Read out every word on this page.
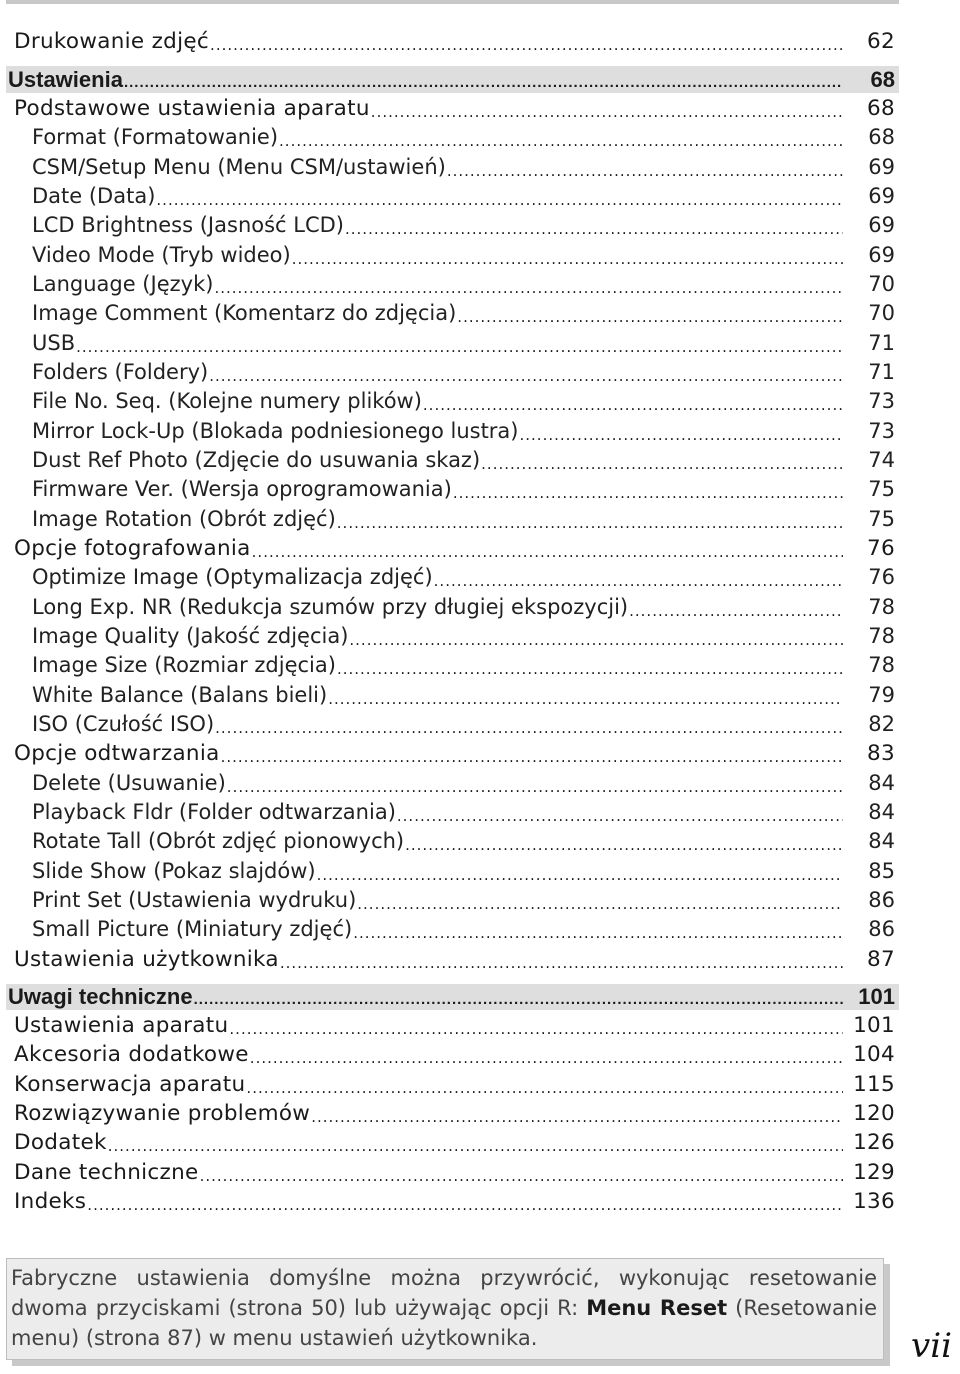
Drukowanie zdjęć .....	62
Ustawienia .....	68
Podstawowe ustawienia aparatu .....	68
Format (Formatowanie) .....	68
CSM/Setup Menu (Menu CSM/ustawień) .....	69
Date (Data) .....	69
LCD Brightness (Jasność LCD) .....	69
Video Mode (Tryb wideo) .....	69
Language (Język) .....	70
Image Comment (Komentarz do zdjęcia) .....	70
USB .....	71
Folders (Foldery) .....	71
File No. Seq. (Kolejne numery plików) .....	73
Mirror Lock-Up (Blokada podniesionego lustra) .....	73
Dust Ref Photo (Zdjęcie do usuwania skaz) .....	74
Firmware Ver. (Wersja oprogramowania) .....	75
Image Rotation (Obrót zdjęć) .....	75
Opcje fotografowania .....	76
Optimize Image (Optymalizacja zdjęć) .....	76
Long Exp. NR (Redukcja szumów przy długiej ekspozycji) .....	78
Image Quality (Jakość zdjęcia) .....	78
Image Size (Rozmiar zdjęcia) .....	78
White Balance (Balans bieli) .....	79
ISO (Czułość ISO) .....	82
Opcje odtwarzania .....	83
Delete (Usuwanie) .....	84
Playback Fldr (Folder odtwarzania) .....	84
Rotate Tall (Obrót zdjęć pionowych) .....	84
Slide Show (Pokaz slajdów) .....	85
Print Set (Ustawienia wydruku) .....	86
Small Picture (Miniatury zdjęć) .....	86
Ustawienia użytkownika .....	87
Uwagi techniczne .....	101
Ustawienia aparatu .....	101
Akcesoria dodatkowe .....	104
Konserwacja aparatu .....	115
Rozwiązywanie problemów .....	120
Dodatek .....	126
Dane techniczne .....	129
Indeks .....	136

Fabryczne ustawienia domyślne można przywrócić, wykonując resetowanie dwoma przyciskami (strona 50) lub używając opcji R: Menu Reset (Resetowanie menu) (strona 87) w menu ustawień użytkownika.	vii
